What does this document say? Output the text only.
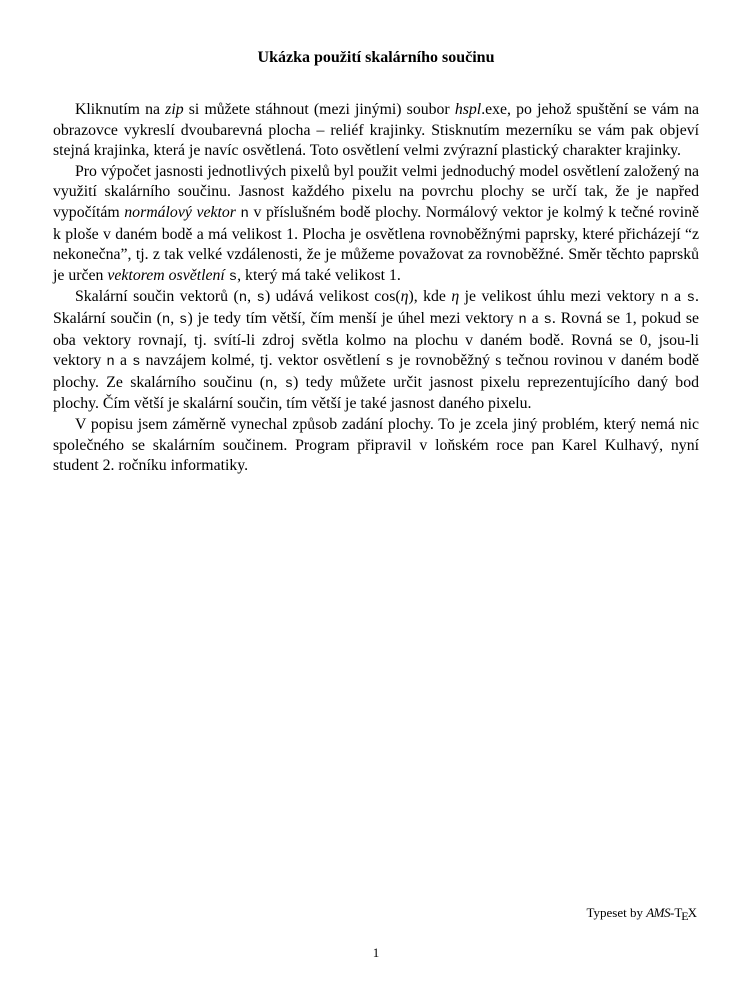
Ukázka použití skalárního součinu

Kliknutím na zip si můžete stáhnout (mezi jinými) soubor hspl.exe, po jehož spuštění se vám na obrazovce vykreslí dvoubarevná plocha – reliéf krajinky. Stisknutím mezerníku se vám pak objeví stejná krajinka, která je navíc osvětlená. Toto osvětlení velmi zvýrazní plastický charakter krajinky.

Pro výpočet jasnosti jednotlivých pixelů byl použit velmi jednoduchý model osvětlení založený na využití skalárního součinu. Jasnost každého pixelu na povrchu plochy se určí tak, že je napřed vypočítám normálový vektor n v příslušném bodě plochy. Normálový vektor je kolmý k tečné rovině k ploše v daném bodě a má velikost 1. Plocha je osvětlena rovnoběžnými paprsky, které přicházejí “z nekonečna”, tj. z tak velké vzdálenosti, že je můžeme považovat za rovnoběžné. Směr těchto paprsků je určen vektorem osvětlení s, který má také velikost 1.

Skalární součin vektorů (n, s) udává velikost cos(η), kde η je velikost úhlu mezi vektory n a s. Skalární součin (n, s) je tedy tím větší, čím menší je úhel mezi vektory n a s. Rovná se 1, pokud se oba vektory rovnají, tj. svítí-li zdroj světla kolmo na plochu v daném bodě. Rovná se 0, jsou-li vektory n a s navzájem kolmé, tj. vektor osvětlení s je rovnoběžný s tečnou rovinou v daném bodě plochy. Ze skalárního součinu (n, s) tedy můžete určit jasnost pixelu reprezentujícího daný bod plochy. Čím větší je skalární součin, tím větší je také jasnost daného pixelu.

V popisu jsem záměrně vynechal způsob zadání plochy. To je zcela jiný problém, který nemá nic společného se skalárním součinem. Program připravil v loňském roce pan Karel Kulhavý, nyní student 2. ročníku informatiky.

Typeset by AMS-TEX
1
